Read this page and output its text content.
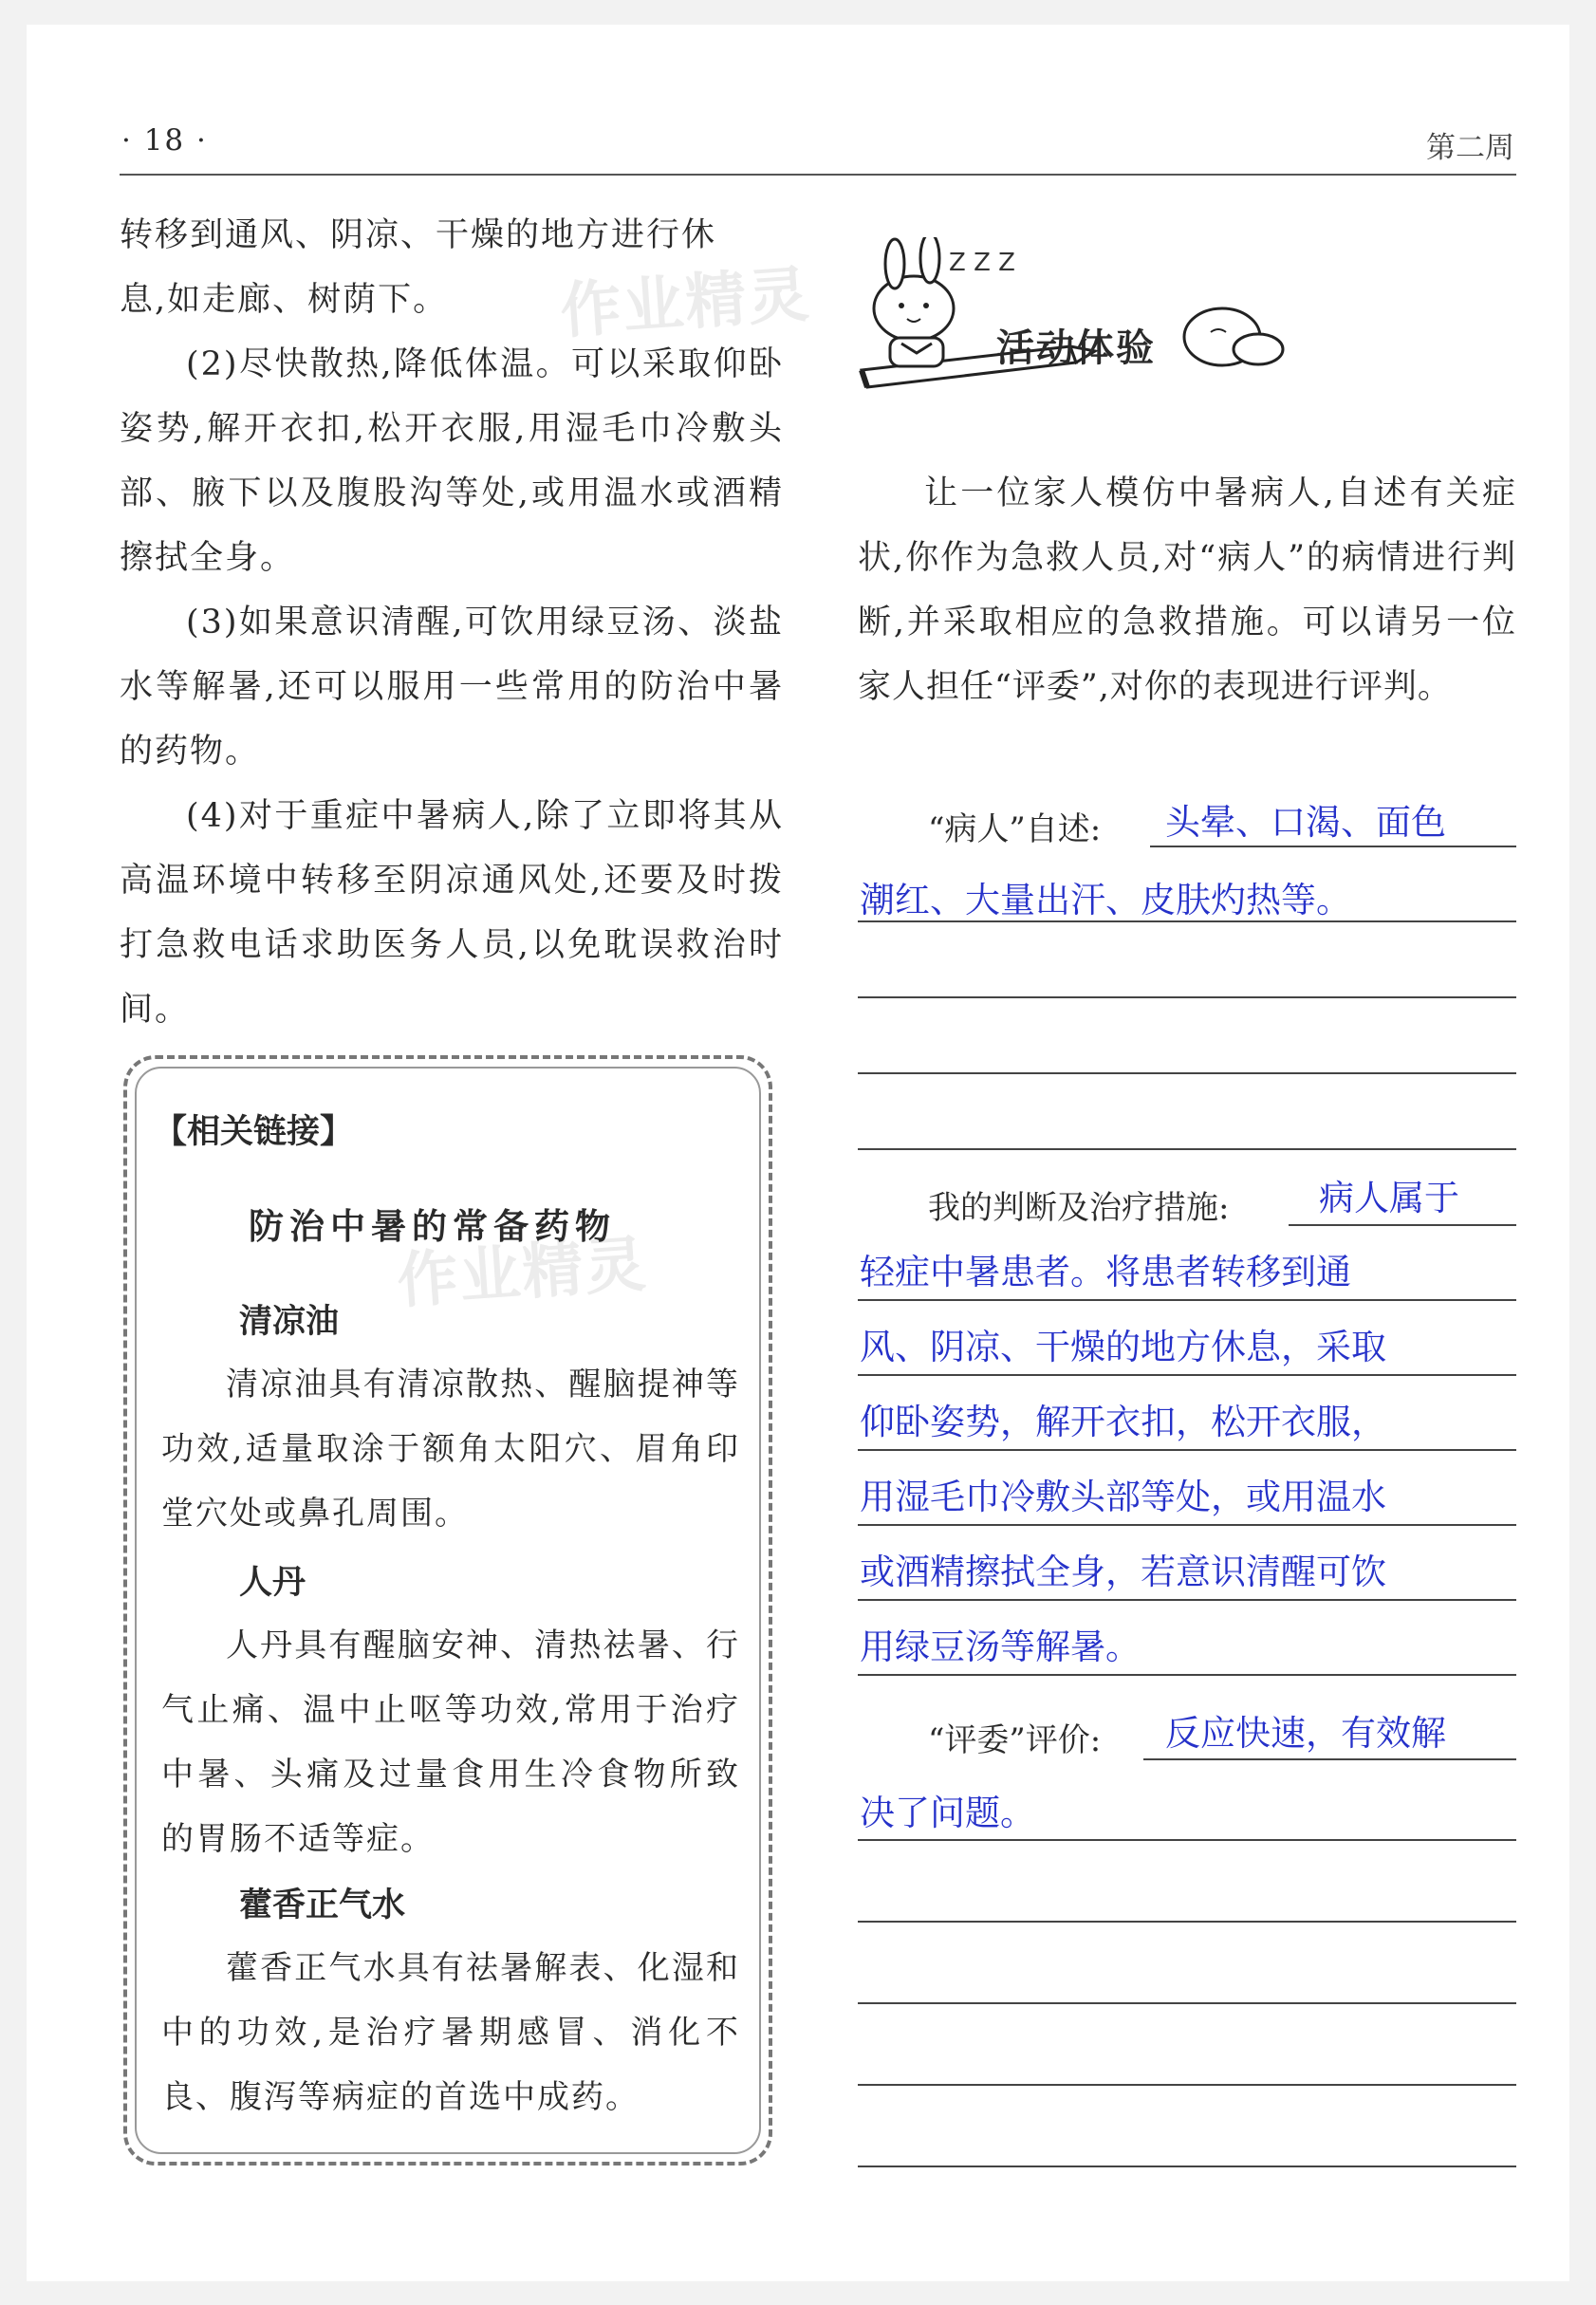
· 18 ·	第二周

转移到通风、阴凉、干燥的地方进行休

息,如走廊、树荫下。

(2)尽快散热,降低体温。可以采取仰卧姿势,解开衣扣,松开衣服,用湿毛巾冷敷头部、腋下以及腹股沟等处,或用温水或酒精擦拭全身。

(3)如果意识清醒,可饮用绿豆汤、淡盐水等解暑,还可以服用一些常用的防治中暑的药物。

(4)对于重症中暑病人,除了立即将其从高温环境中转移至阴凉通风处,还要及时拨打急救电话求助医务人员,以免耽误救治时间。

作业精灵
作业精灵
【相关链接】
防治中暑的常备药物
清凉油

清凉油具有清凉散热、醒脑提神等功效,适量取涂于额角太阳穴、眉角印堂穴处或鼻孔周围。

人丹

人丹具有醒脑安神、清热祛暑、行气止痛、温中止呕等功效,常用于治疗中暑、头痛及过量食用生冷食物所致的胃肠不适等症。

藿香正气水

藿香正气水具有祛暑解表、化湿和中的功效,是治疗暑期感冒、消化不良、腹泻等病症的首选中成药。

Z Z Z
活动体验

让一位家人模仿中暑病人,自述有关症状,你作为急救人员,对“病人”的病情进行判断,并采取相应的急救措施。可以请另一位家人担任“评委”,对你的表现进行评判。

“病人”自述: 头晕、口渴、面色
潮红、大量出汗、皮肤灼热等。
我的判断及治疗措施:	病人属于
轻症中暑患者。将患者转移到通
风、阴凉、干燥的地方休息，采取
仰卧姿势，解开衣扣，松开衣服，
用湿毛巾冷敷头部等处，或用温水
或酒精擦拭全身，若意识清醒可饮
用绿豆汤等解暑。
“评委”评价: 反应快速，有效解
决了问题。
